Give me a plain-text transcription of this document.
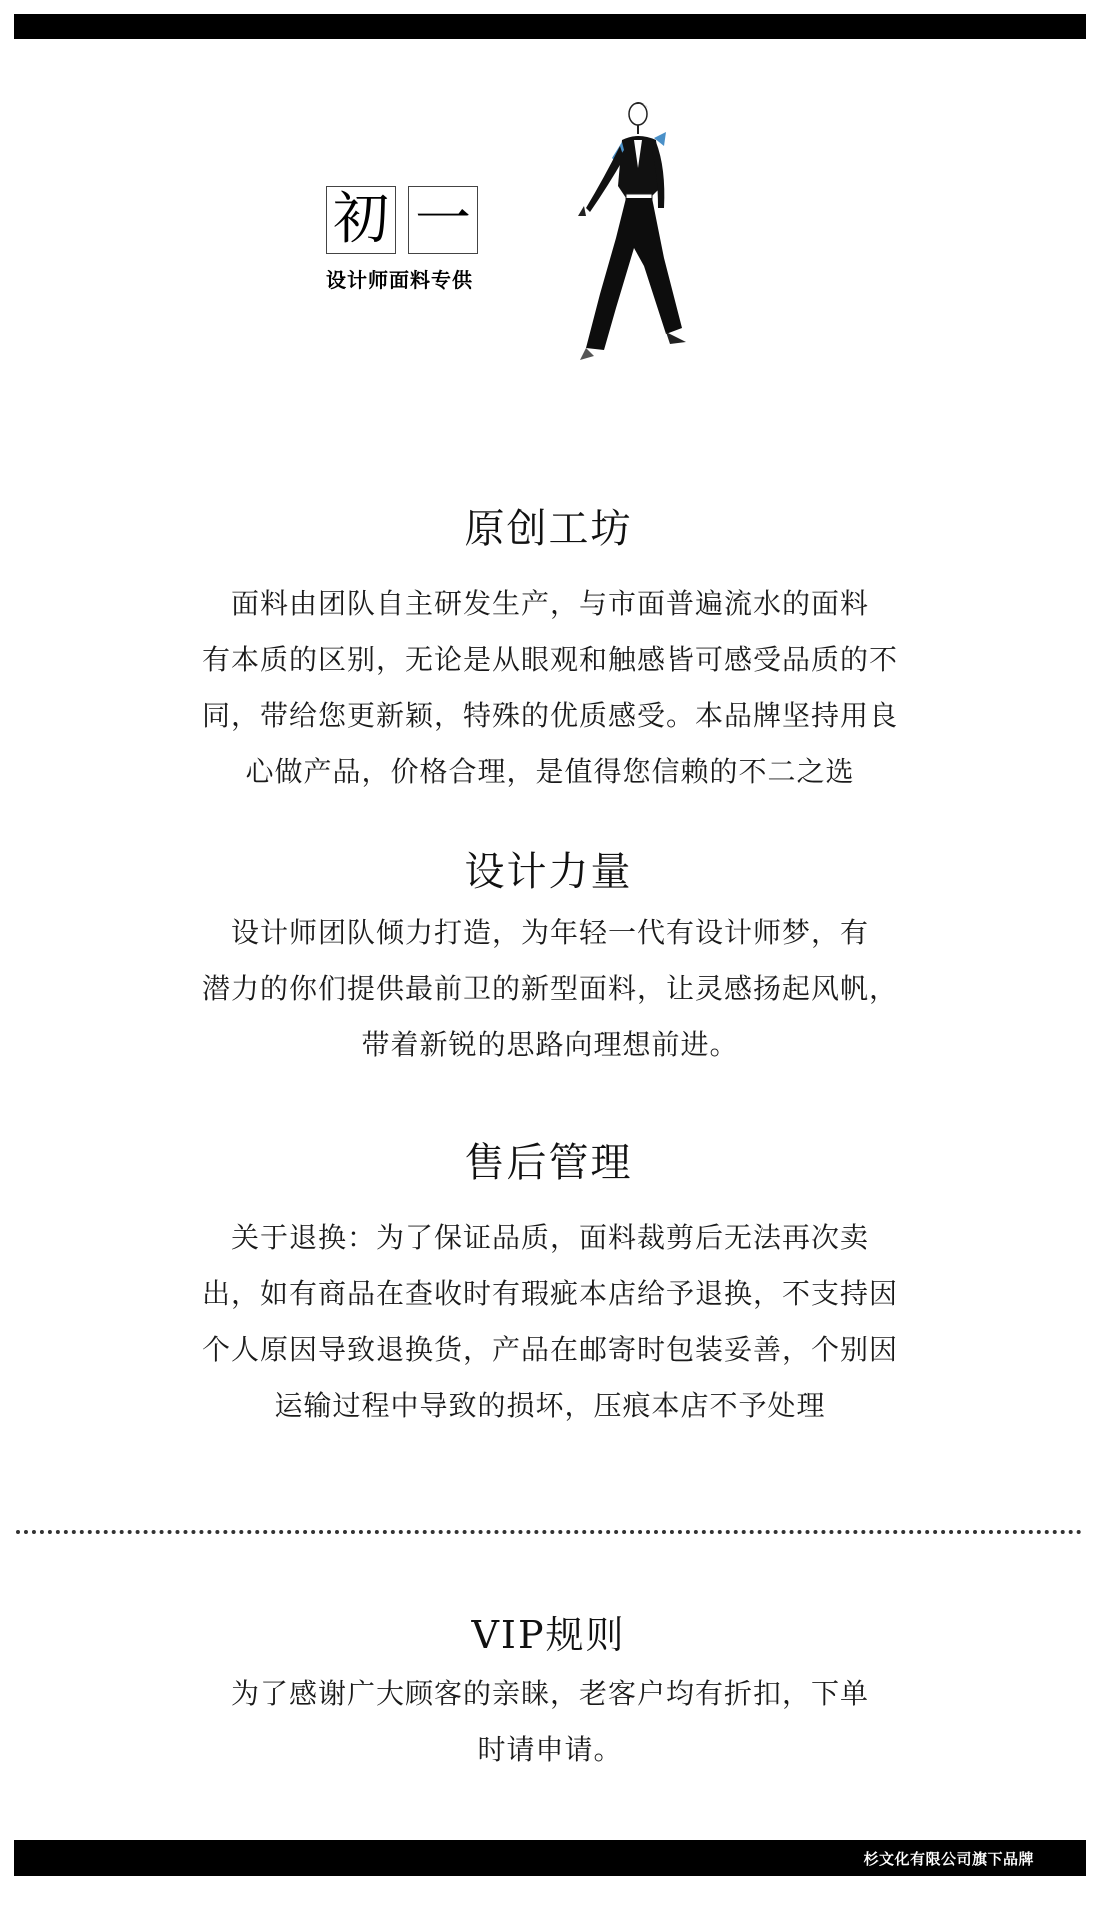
初 一
设计师面料专供
原创工坊
面料由团队自主研发生产，与市面普遍流水的面料
有本质的区别，无论是从眼观和触感皆可感受品质的不
同，带给您更新颖，特殊的优质感受。本品牌坚持用良
心做产品，价格合理，是值得您信赖的不二之选
设计力量
设计师团队倾力打造，为年轻一代有设计师梦，有
潜力的你们提供最前卫的新型面料，让灵感扬起风帆，
带着新锐的思路向理想前进。
售后管理
关于退换：为了保证品质，面料裁剪后无法再次卖
出，如有商品在查收时有瑕疵本店给予退换，不支持因
个人原因导致退换货，产品在邮寄时包装妥善，个别因
运输过程中导致的损坏，压痕本店不予处理
VIP规则
为了感谢广大顾客的亲睐，老客户均有折扣，下单
时请申请。
杉文化有限公司旗下品牌
